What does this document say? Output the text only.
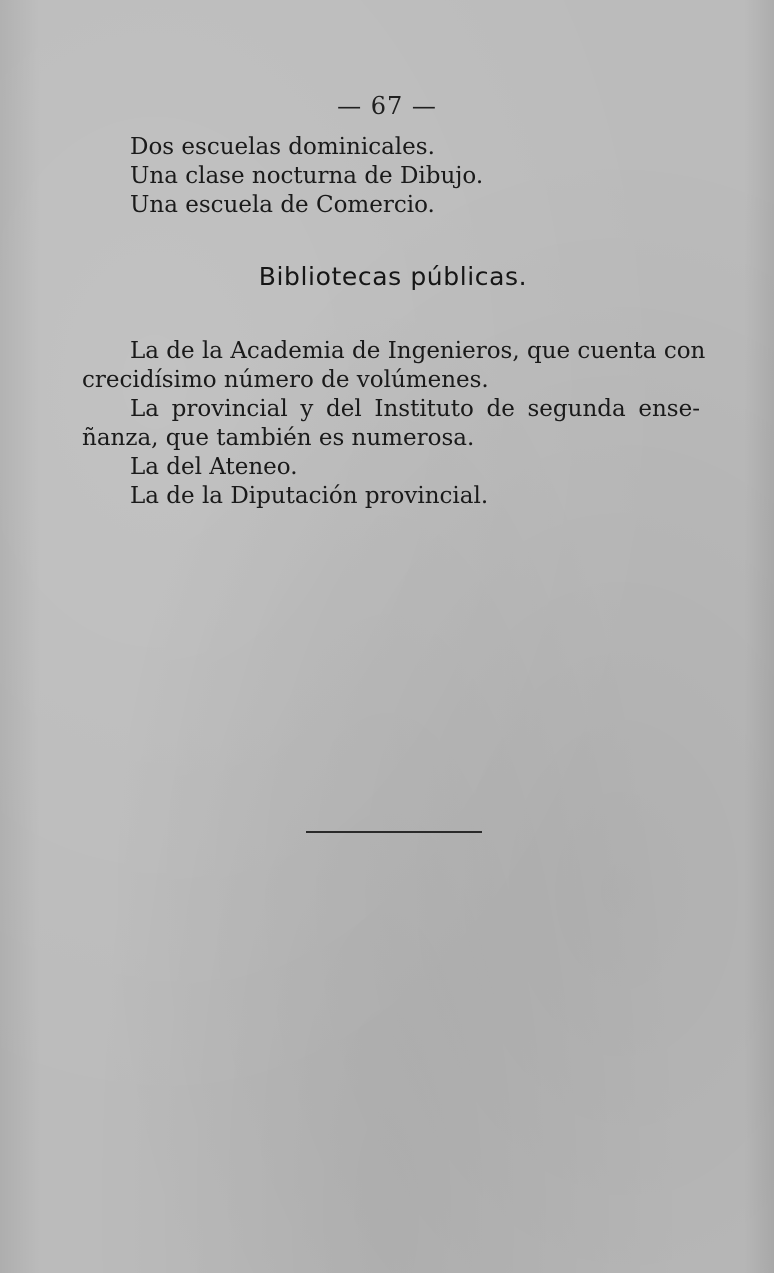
— 67 —
Dos escuelas dominicales.
Una clase nocturna de Dibujo.
Una escuela de Comercio.
Bibliotecas públicas.
La de la Academia de Ingenieros, que cuenta con
crecidísimo número de volúmenes.
La provincial y del Instituto de segunda ense-
ñanza, que también es numerosa.
La del Ateneo.
La de la Diputación provincial.
